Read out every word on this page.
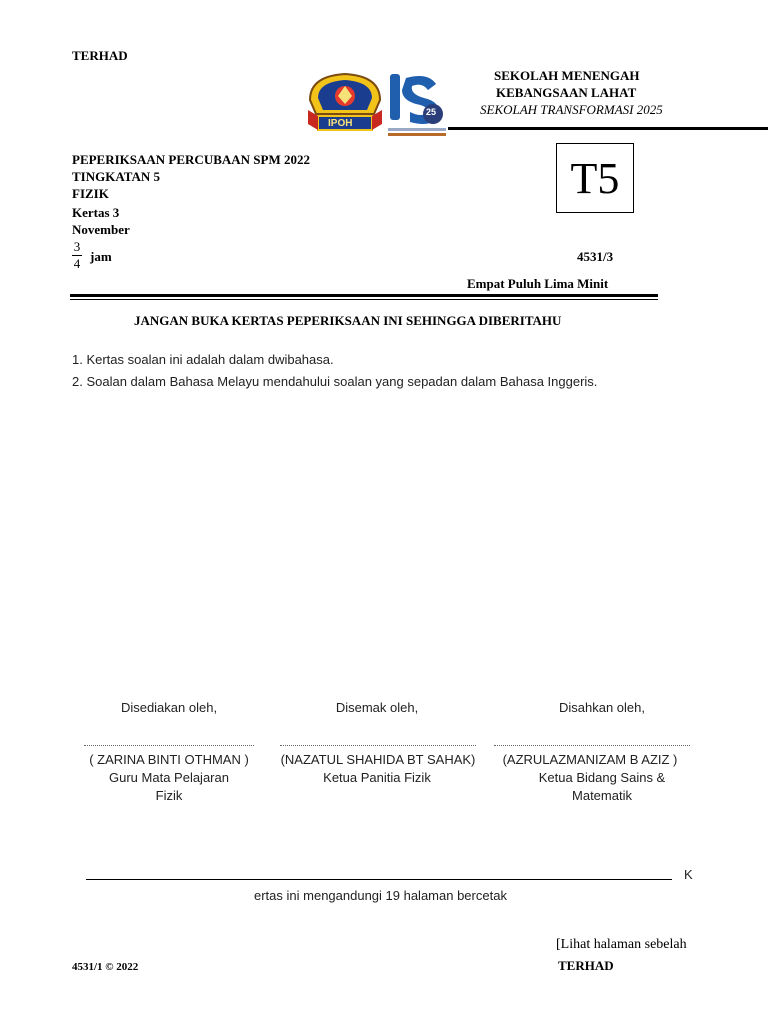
TERHAD
IPOH
25
SEKOLAH MENENGAH
KEBANGSAAN LAHAT
SEKOLAH TRANSFORMASI 2025
PEPERIKSAAN PERCUBAAN SPM 2022
TINGKATAN 5
FIZIK
Kertas 3
November
3
4 jam
T5
4531/3
Empat Puluh Lima Minit
JANGAN BUKA KERTAS PEPERIKSAAN INI SEHINGGA DIBERITAHU
1. Kertas soalan ini adalah dalam dwibahasa.
2. Soalan dalam Bahasa Melayu mendahului soalan yang sepadan dalam Bahasa Inggeris.
Disediakan oleh,
( ZARINA BINTI OTHMAN )
Guru Mata Pelajaran
Fizik
Disemak oleh,
(NAZATUL SHAHIDA BT SAHAK)
Ketua Panitia Fizik
Disahkan oleh,
(AZRULAZMANIZAM B AZIZ )
Ketua Bidang Sains &
Matematik
K
ertas ini mengandungi 19 halaman bercetak
[Lihat halaman sebelah
4531/1 © 2022	TERHAD
